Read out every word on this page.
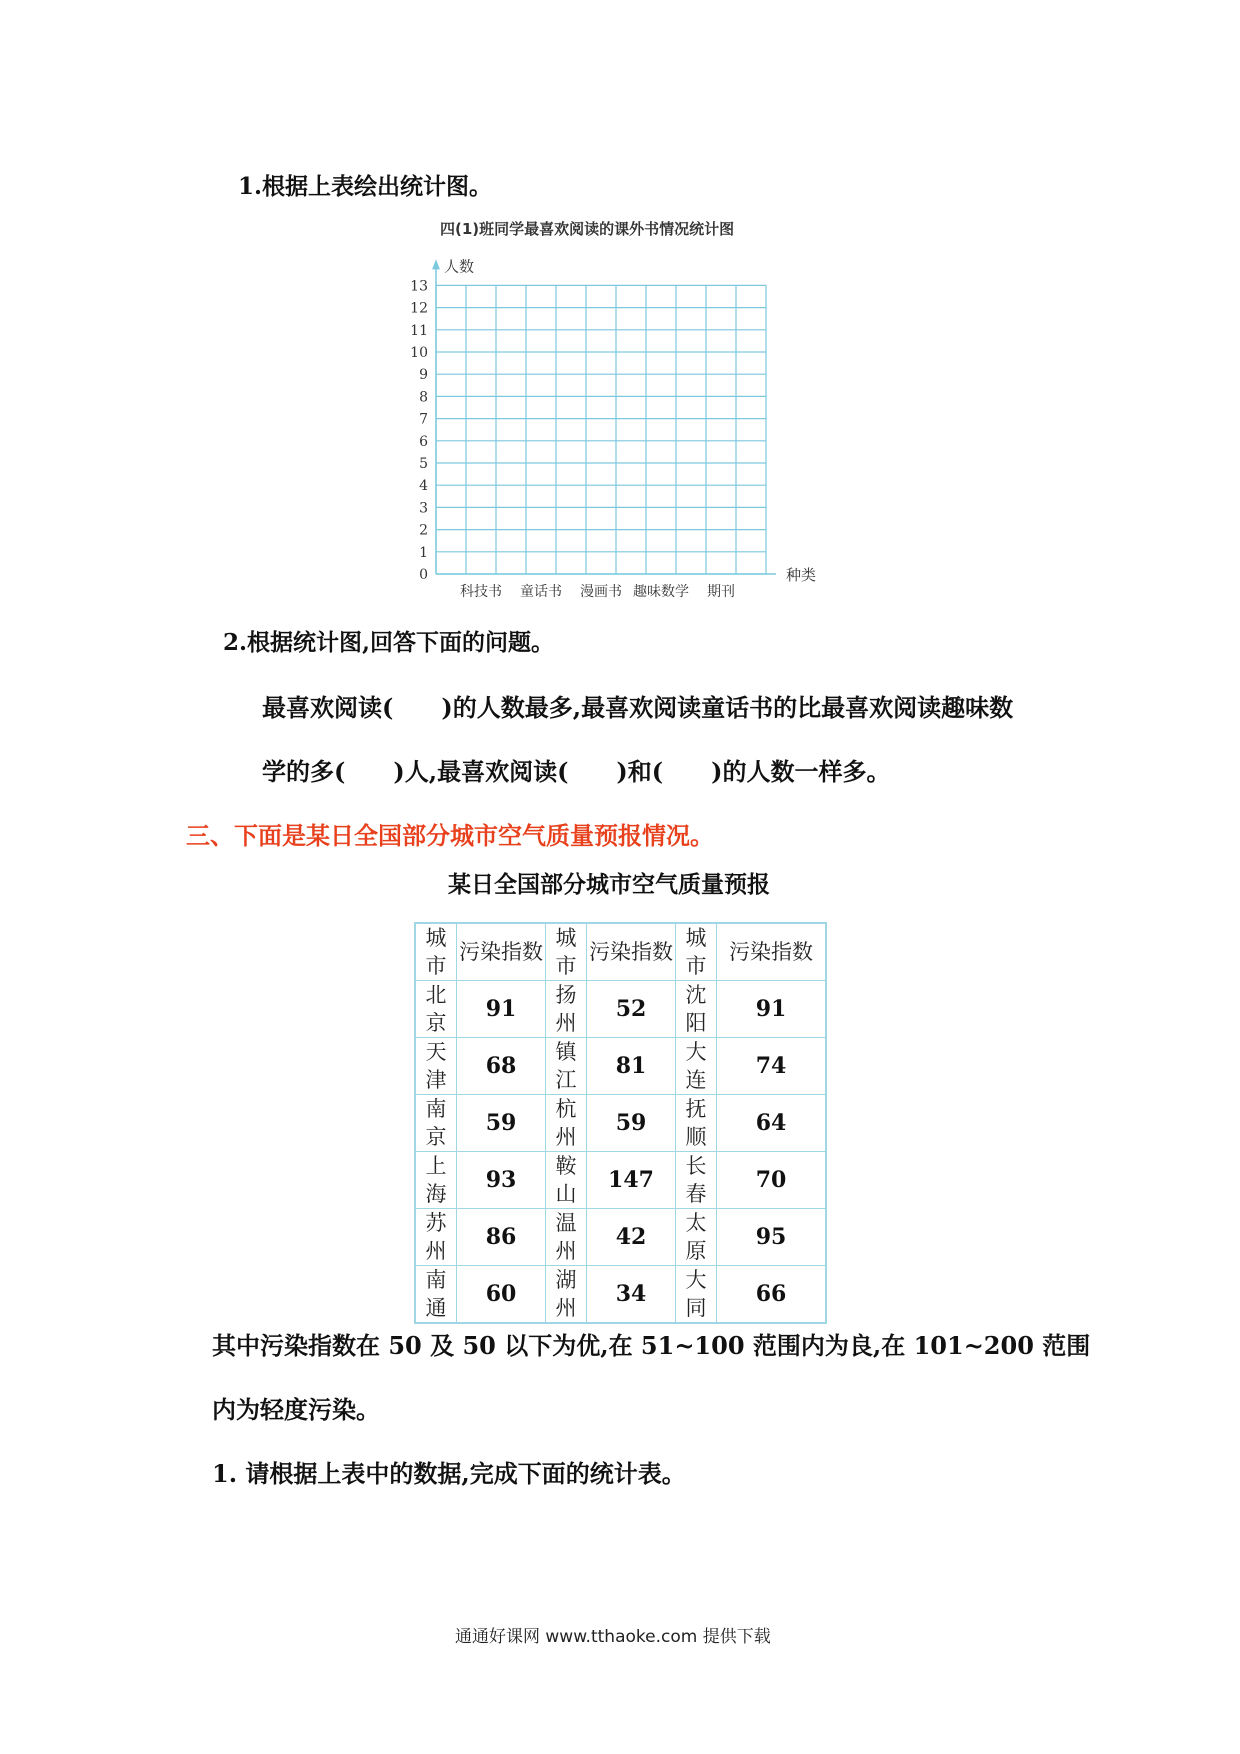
1.根据上表绘出统计图。
四(1)班同学最喜欢阅读的课外书情况统计图
0
1
2
3
4
5
6
7
8
9
10
11
12
13
人数
种类
科技书 童话书 漫画书 趣味数学 期刊
2.根据统计图,回答下面的问题。
最喜欢阅读(　　)的人数最多,最喜欢阅读童话书的比最喜欢阅读趣味数
学的多(　　)人,最喜欢阅读(　　)和(　　)的人数一样多。
三、下面是某日全国部分城市空气质量预报情况。
某日全国部分城市空气质量预报
城市	污染指数	城市	污染指数	城市	污染指数
北京	91	扬州	52	沈阳	91
天津	68	镇江	81	大连	74
南京	59	杭州	59	抚顺	64
上海	93	鞍山	147	长春	70
苏州	86	温州	42	太原	95
南通	60	湖州	34	大同	66
其中污染指数在 50 及 50 以下为优,在 51~100 范围内为良,在 101~200 范围
内为轻度污染。
1. 请根据上表中的数据,完成下面的统计表。
通通好课网 www.tthaoke.com 提供下载
